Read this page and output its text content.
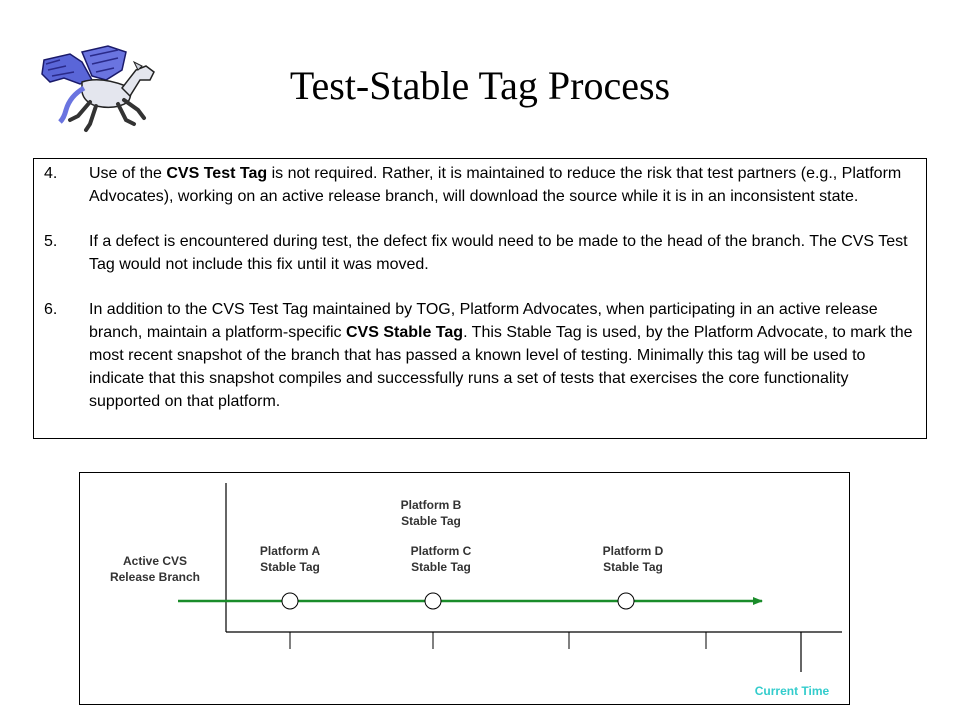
Test-Stable Tag Process
4.	Use of the CVS Test Tag is not required. Rather, it is maintained to reduce the risk that test partners (e.g., Platform Advocates), working on an active release branch, will download the source while it is in an inconsistent state.
5.	If a defect is encountered during test, the defect fix would need to be made to the head of the branch. The CVS Test Tag would not include this fix until it was moved.
6.	In addition to the CVS Test Tag maintained by TOG, Platform Advocates, when participating in an active release branch, maintain a platform-specific CVS Stable Tag. This Stable Tag is used, by the Platform Advocate, to mark the most recent snapshot of the branch that has passed a known level of testing. Minimally this tag will be used to indicate that this snapshot compiles and successfully runs a set of tests that exercises the core functionality supported on that platform.
Active CVS
Release Branch
Platform A
Stable Tag
Platform B
Stable Tag
Platform C
Stable Tag
Platform D
Stable Tag
Current Time
